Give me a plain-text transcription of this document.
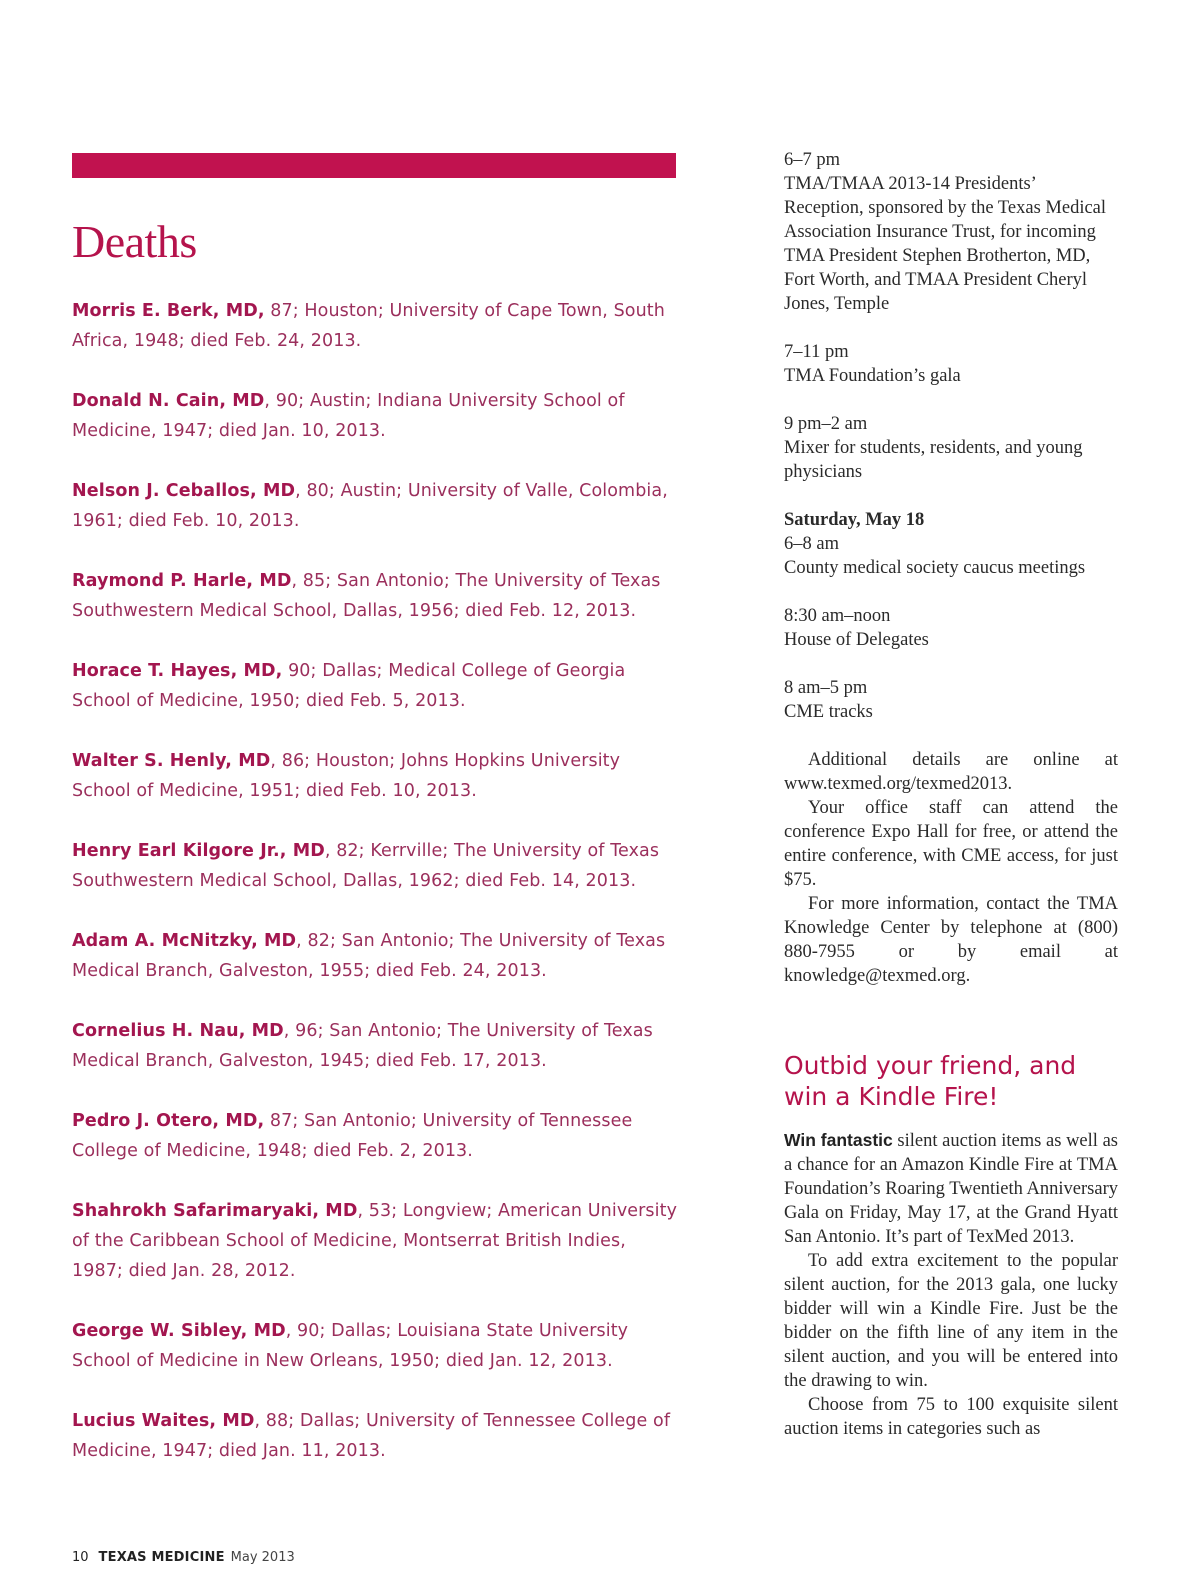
Deaths

Morris E. Berk, MD, 87; Houston; University of Cape Town, South Africa, 1948; died Feb. 24, 2013.

Donald N. Cain, MD, 90; Austin; Indiana University School of Medicine, 1947; died Jan. 10, 2013.

Nelson J. Ceballos, MD, 80; Austin; University of Valle, Colombia, 1961; died Feb. 10, 2013.

Raymond P. Harle, MD, 85; San Antonio; The University of Texas Southwestern Medical School, Dallas, 1956; died Feb. 12, 2013.

Horace T. Hayes, MD, 90; Dallas; Medical College of Georgia School of Medicine, 1950; died Feb. 5, 2013.

Walter S. Henly, MD, 86; Houston; Johns Hopkins University School of Medicine, 1951; died Feb. 10, 2013.

Henry Earl Kilgore Jr., MD, 82; Kerrville; The University of Texas Southwestern Medical School, Dallas, 1962; died Feb. 14, 2013.

Adam A. McNitzky, MD, 82; San Antonio; The University of Texas Medical Branch, Galveston, 1955; died Feb. 24, 2013.

Cornelius H. Nau, MD, 96; San Antonio; The University of Texas Medical Branch, Galveston, 1945; died Feb. 17, 2013.

Pedro J. Otero, MD, 87; San Antonio; University of Tennessee College of Medicine, 1948; died Feb. 2, 2013.

Shahrokh Safarimaryaki, MD, 53; Longview; American University of the Caribbean School of Medicine, Montserrat British Indies, 1987; died Jan. 28, 2012.

George W. Sibley, MD, 90; Dallas; Louisiana State University School of Medicine in New Orleans, 1950; died Jan. 12, 2013.

Lucius Waites, MD, 88; Dallas; University of Tennessee College of Medicine, 1947; died Jan. 11, 2013.

6–7 pm

TMA/TMAA 2013-14 Presidents’ Reception, sponsored by the Texas Medical Association Insurance Trust, for incoming TMA President Stephen Brotherton, MD, Fort Worth, and TMAA President Cheryl Jones, Temple

7–11 pm

TMA Foundation’s gala

9 pm–2 am

Mixer for students, residents, and young physicians

Saturday, May 18

6–8 am

County medical society caucus meetings

8:30 am–noon

House of Delegates

8 am–5 pm

CME tracks

Additional details are online at www.texmed.org/texmed2013.

Your office staff can attend the conference Expo Hall for free, or attend the entire conference, with CME access, for just $75.

For more information, contact the TMA Knowledge Center by telephone at (800) 880-7955 or by email at knowledge@texmed.org.

Outbid your friend, and win a Kindle Fire!

Win fantastic silent auction items as well as a chance for an Amazon Kindle Fire at TMA Foundation’s Roaring Twentieth Anniversary Gala on Friday, May 17, at the Grand Hyatt San Antonio. It’s part of TexMed 2013.

To add extra excitement to the popular silent auction, for the 2013 gala, one lucky bidder will win a Kindle Fire. Just be the bidder on the fifth line of any item in the silent auction, and you will be entered into the drawing to win.

Choose from 75 to 100 exquisite silent auction items in categories such as

10 TEXAS MEDICINE May 2013
